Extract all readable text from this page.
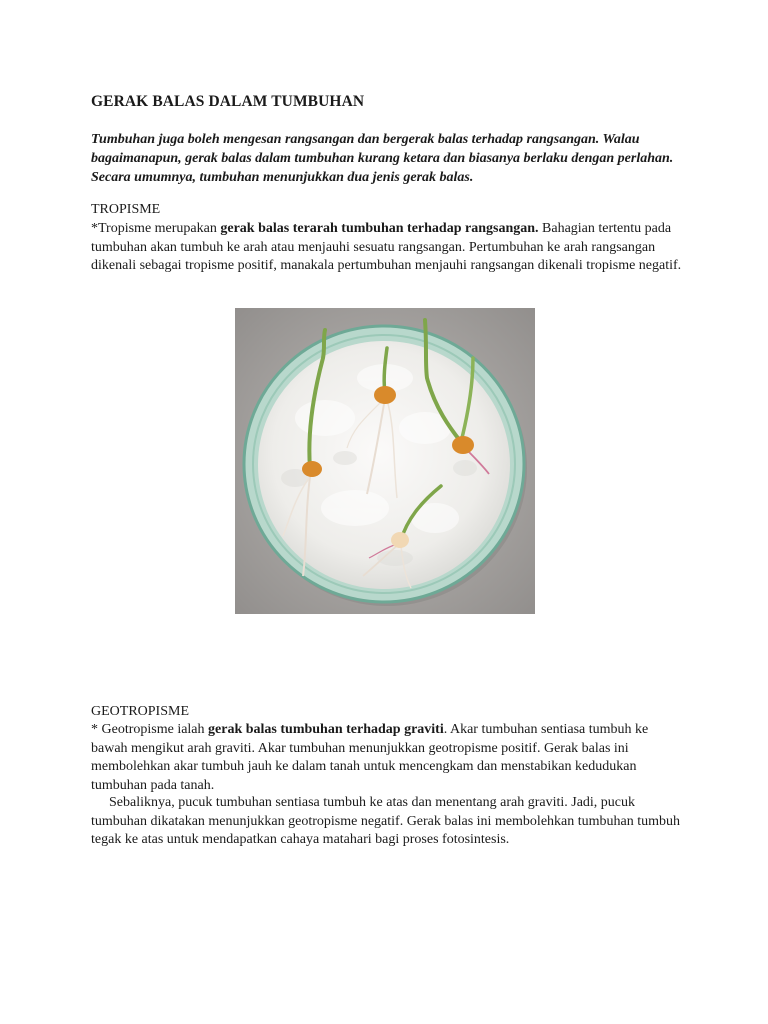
GERAK BALAS DALAM TUMBUHAN

Tumbuhan juga boleh mengesan rangsangan dan bergerak balas terhadap rangsangan. Walau bagaimanapun, gerak balas dalam tumbuhan kurang ketara dan biasanya berlaku dengan perlahan. Secara umumnya, tumbuhan menunjukkan dua jenis gerak balas.

TROPISME

*Tropisme merupakan gerak balas terarah tumbuhan terhadap rangsangan. Bahagian tertentu pada tumbuhan akan tumbuh ke arah atau menjauhi sesuatu rangsangan. Pertumbuhan ke arah rangsangan dikenali sebagai tropisme positif, manakala pertumbuhan menjauhi rangsangan dikenali tropisme negatif.

GEOTROPISME

* Geotropisme ialah gerak balas tumbuhan terhadap graviti. Akar tumbuhan sentiasa tumbuh ke bawah mengikut arah graviti. Akar tumbuhan menunjukkan geotropisme positif. Gerak balas ini membolehkan akar tumbuh jauh ke dalam tanah untuk mencengkam dan menstabikan kedudukan tumbuhan pada tanah.

Sebaliknya, pucuk tumbuhan sentiasa tumbuh ke atas dan menentang arah graviti. Jadi, pucuk tumbuhan dikatakan menunjukkan geotropisme negatif. Gerak balas ini membolehkan tumbuhan tumbuh tegak ke atas untuk mendapatkan cahaya matahari bagi proses fotosintesis.
